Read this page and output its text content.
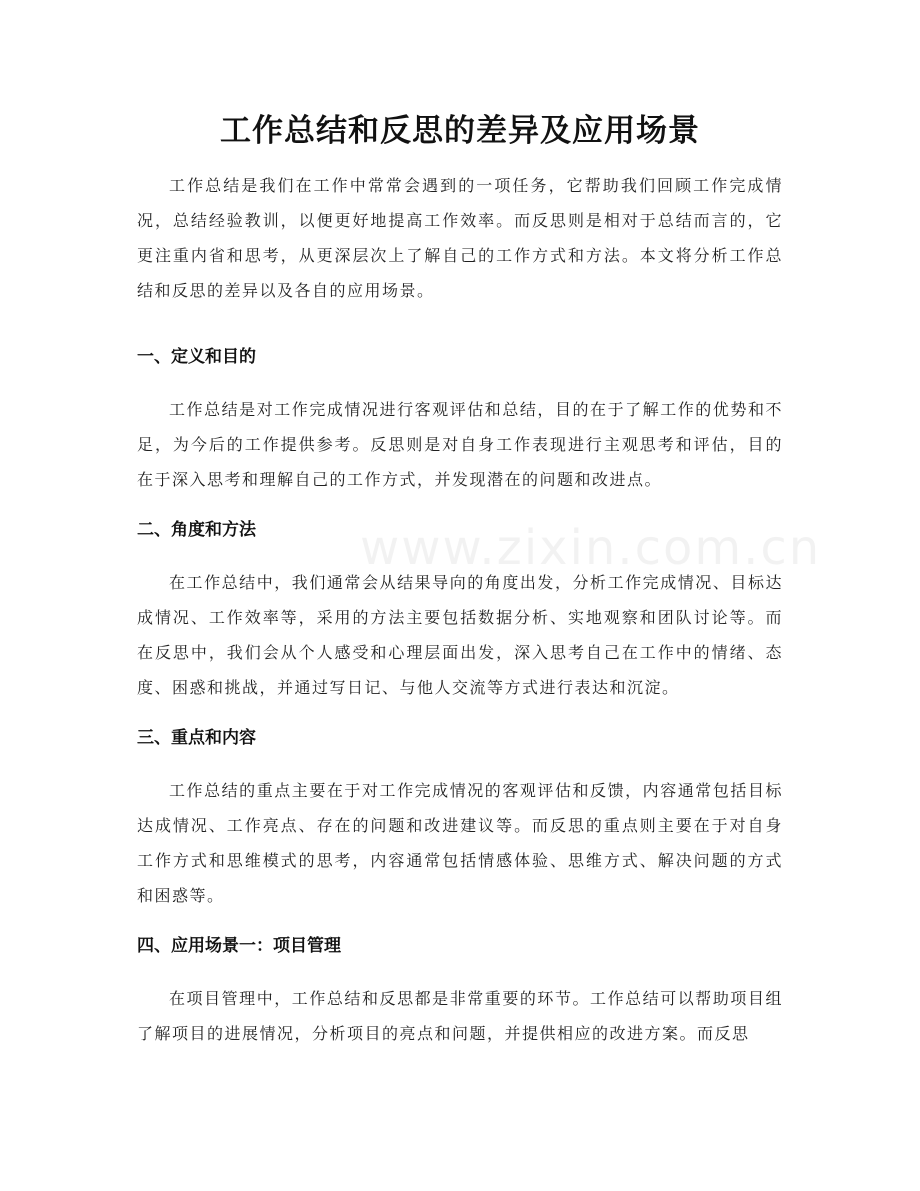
www.zixin.com.cn
工作总结和反思的差异及应用场景

工作总结是我们在工作中常常会遇到的一项任务，它帮助我们回顾工作完成情况，总结经验教训，以便更好地提高工作效率。而反思则是相对于总结而言的，它更注重内省和思考，从更深层次上了解自己的工作方式和方法。本文将分析工作总结和反思的差异以及各自的应用场景。

一、定义和目的

工作总结是对工作完成情况进行客观评估和总结，目的在于了解工作的优势和不足，为今后的工作提供参考。反思则是对自身工作表现进行主观思考和评估，目的在于深入思考和理解自己的工作方式，并发现潜在的问题和改进点。

二、角度和方法

在工作总结中，我们通常会从结果导向的角度出发，分析工作完成情况、目标达成情况、工作效率等，采用的方法主要包括数据分析、实地观察和团队讨论等。而在反思中，我们会从个人感受和心理层面出发，深入思考自己在工作中的情绪、态度、困惑和挑战，并通过写日记、与他人交流等方式进行表达和沉淀。

三、重点和内容

工作总结的重点主要在于对工作完成情况的客观评估和反馈，内容通常包括目标达成情况、工作亮点、存在的问题和改进建议等。而反思的重点则主要在于对自身工作方式和思维模式的思考，内容通常包括情感体验、思维方式、解决问题的方式和困惑等。

四、应用场景一：项目管理

在项目管理中，工作总结和反思都是非常重要的环节。工作总结可以帮助项目组了解项目的进展情况，分析项目的亮点和问题，并提供相应的改进方案。而反思
